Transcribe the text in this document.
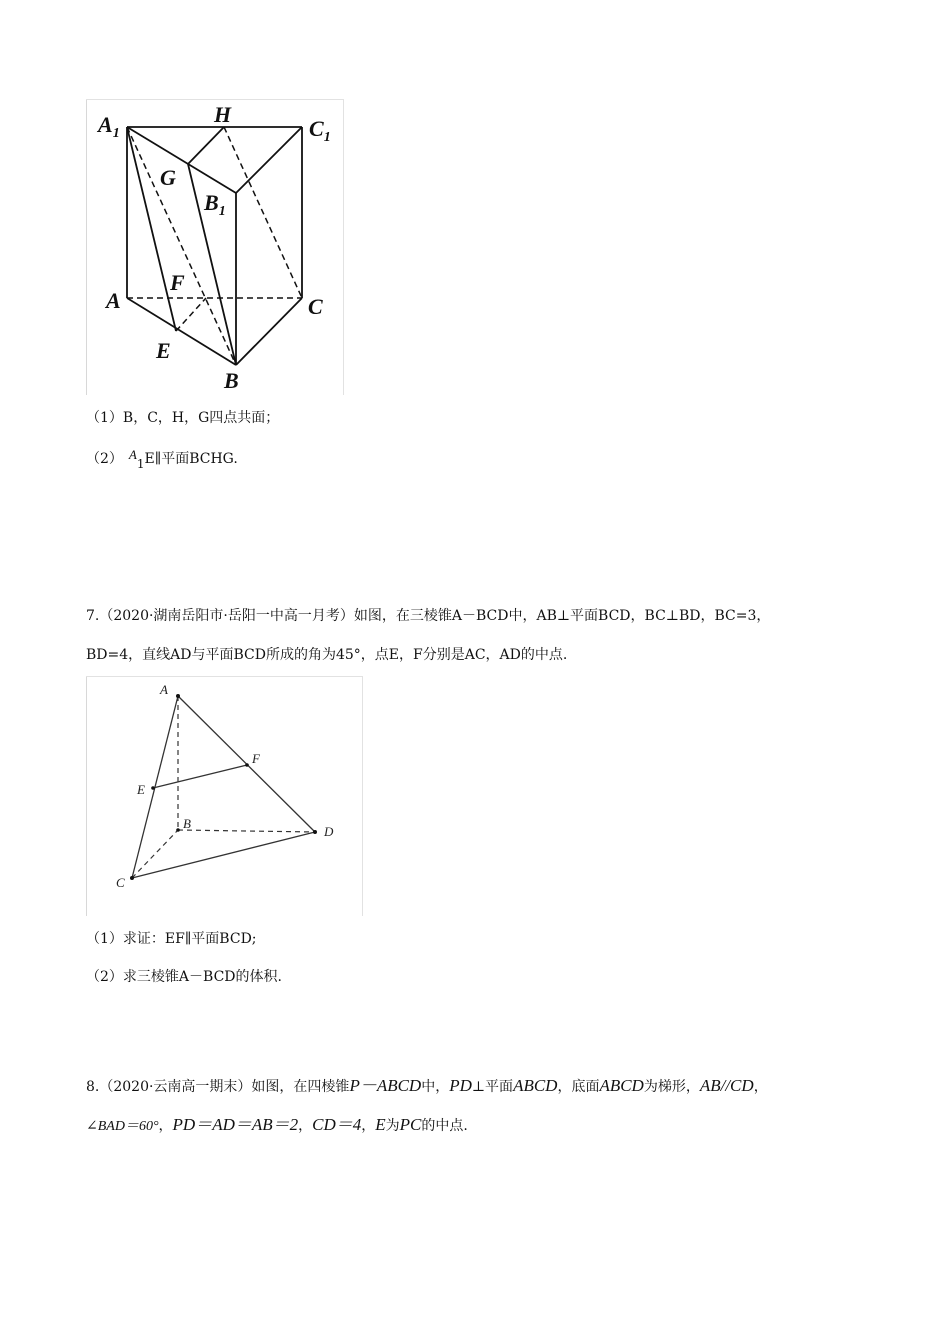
$A_1$
H
$C_1$
G
$B_1$
A
F
C
E
B
（1）B，C，H，G四点共面；
（2） A1E∥平面BCHG.
7.（2020·湖南岳阳市·岳阳一中高一月考）如图，在三棱锥A－BCD中，AB⊥平面BCD，BC⊥BD，BC=3，
BD=4，直线AD与平面BCD所成的角为45°，点E，F分别是AC，AD的中点.
A
F
E
B
D
C
（1）求证：EF∥平面BCD;
（2）求三棱锥A－BCD的体积.
8.（2020·云南高一期末）如图，在四棱锥P－ABCD中，PD⊥平面ABCD，底面ABCD为梯形，AB//CD，
∠BAD＝60°，PD＝AD＝AB＝2，CD＝4，E为PC的中点.
